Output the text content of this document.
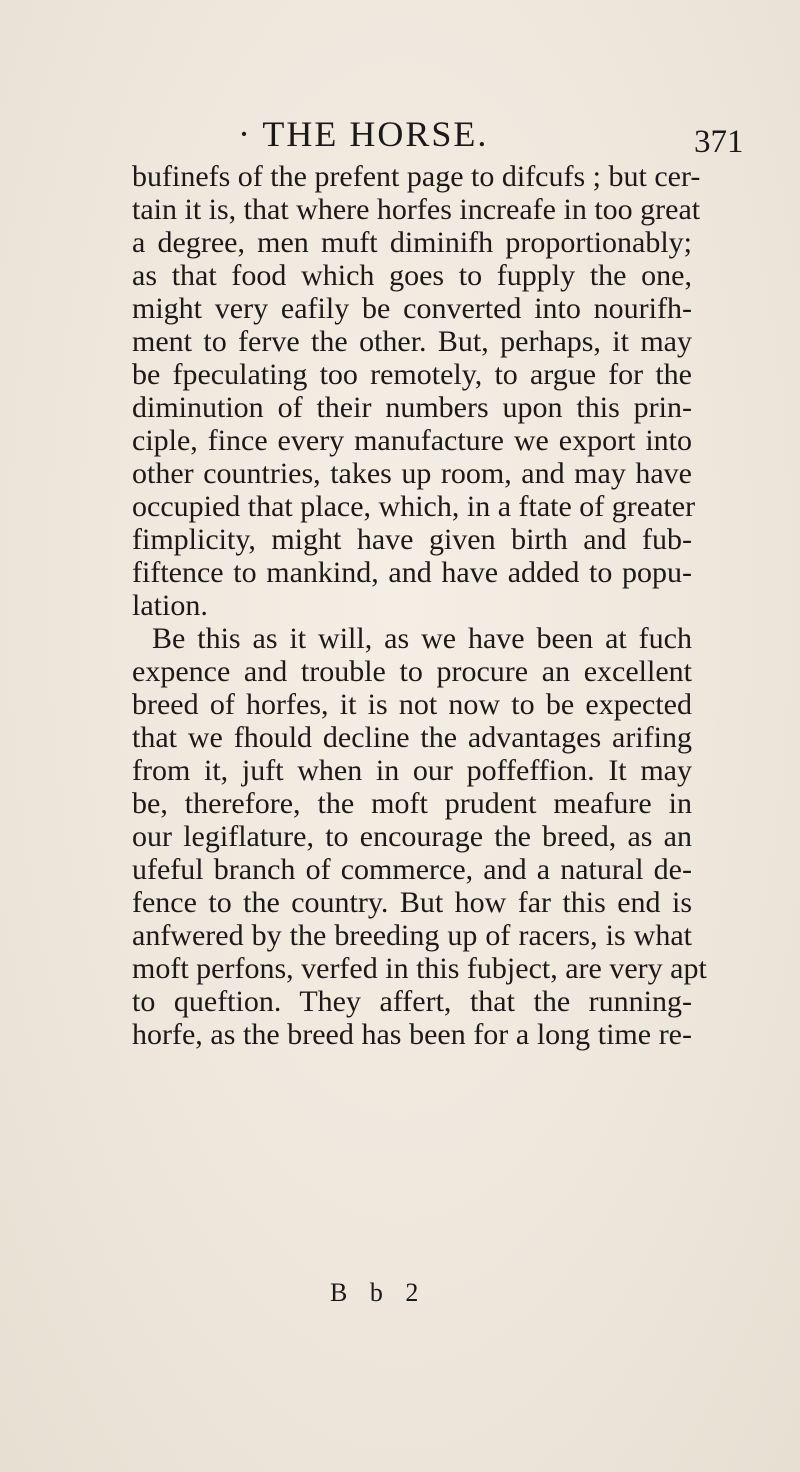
· THE HORSE.	371
bufinefs of the prefent page to difcufs ; but cer-
tain it is, that where horfes increafe in too great
a degree, men muft diminifh proportionably;
as that food which goes to fupply the one,
might very eafily be converted into nourifh-
ment to ferve the other. But, perhaps, it may
be fpeculating too remotely, to argue for the
diminution of their numbers upon this prin-
ciple, fince every manufacture we export into
other countries, takes up room, and may have
occupied that place, which, in a ftate of greater
fimplicity, might have given birth and fub-
fiftence to mankind, and have added to popu-
lation.
Be this as it will, as we have been at fuch
expence and trouble to procure an excellent
breed of horfes, it is not now to be expected
that we fhould decline the advantages arifing
from it, juft when in our poffeffion. It may
be, therefore, the moft prudent meafure in
our legiflature, to encourage the breed, as an
ufeful branch of commerce, and a natural de-
fence to the country. But how far this end is
anfwered by the breeding up of racers, is what
moft perfons, verfed in this fubject, are very apt
to queftion. They affert, that the running-
horfe, as the breed has been for a long time re-
B b 2
